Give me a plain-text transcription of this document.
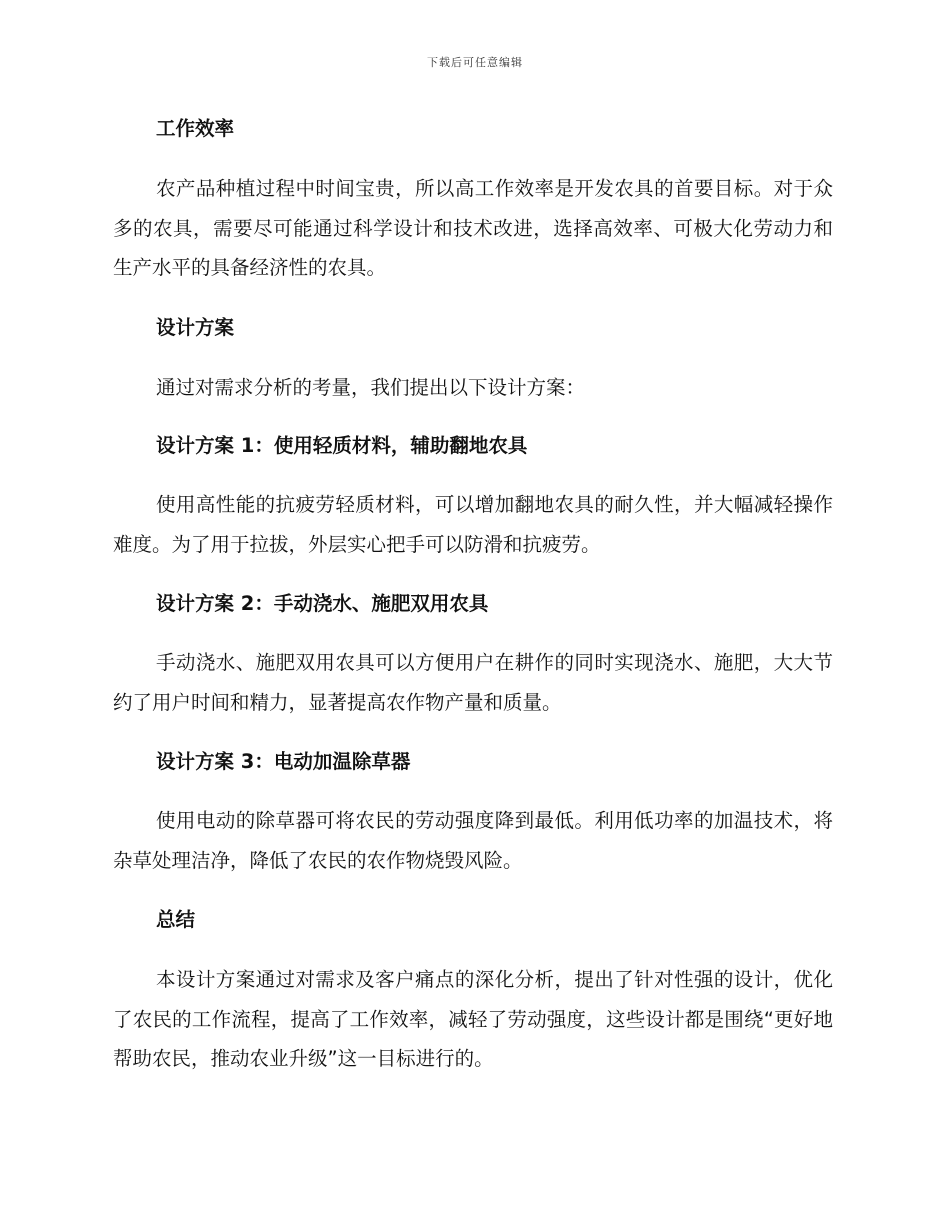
下载后可任意编辑

工作效率

农产品种植过程中时间宝贵，所以高工作效率是开发农具的首要目标。对于众多的农具，需要尽可能通过科学设计和技术改进，选择高效率、可极大化劳动力和生产水平的具备经济性的农具。

设计方案

通过对需求分析的考量，我们提出以下设计方案：

设计方案 1：使用轻质材料，辅助翻地农具

使用高性能的抗疲劳轻质材料，可以增加翻地农具的耐久性，并大幅减轻操作难度。为了用于拉拔，外层实心把手可以防滑和抗疲劳。

设计方案 2：手动浇水、施肥双用农具

手动浇水、施肥双用农具可以方便用户在耕作的同时实现浇水、施肥，大大节约了用户时间和精力，显著提高农作物产量和质量。

设计方案 3：电动加温除草器

使用电动的除草器可将农民的劳动强度降到最低。利用低功率的加温技术，将杂草处理洁净，降低了农民的农作物烧毁风险。

总结

本设计方案通过对需求及客户痛点的深化分析，提出了针对性强的设计，优化了农民的工作流程，提高了工作效率，减轻了劳动强度，这些设计都是围绕“更好地帮助农民，推动农业升级”这一目标进行的。
